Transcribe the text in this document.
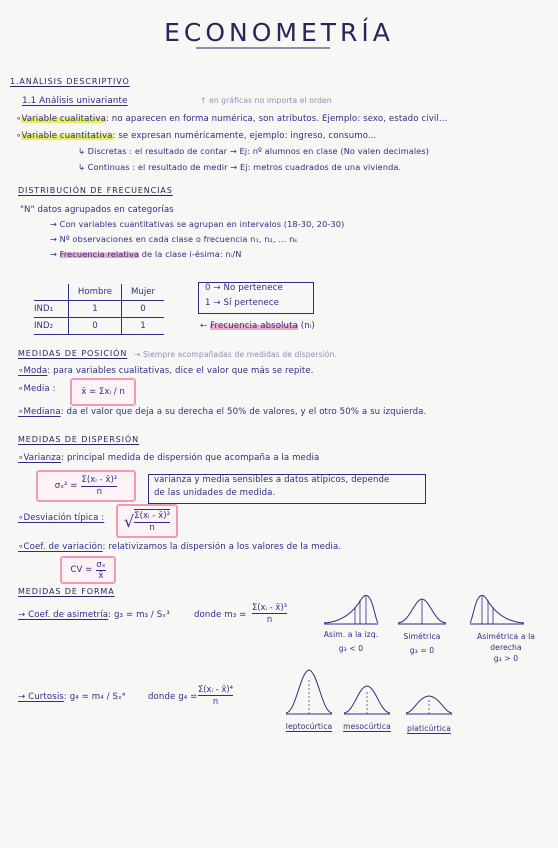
ECONOMETRÍA
1.ANÁLISIS DESCRIPTIVO
1.1 Análisis univariante	↑ en gráficas no importa el orden
∘Variable cualitativa: no aparecen en forma numérica, son atributos. Ejemplo: sexo, estado civil...
∘Variable cuantitativa: se expresan numéricamente, ejemplo: ingreso, consumo...
↳ Discretas : el resultado de contar → Ej: nº alumnos en clase (No valen decimales)
↳ Continuas : el resultado de medir → Ej: metros cuadrados de una vivienda.
DISTRIBUCIÓN DE FRECUENCIAS
"N" datos agrupados en categorías
→ Con variables cuantitativas se agrupan en intervalos (18-30, 20-30)
→ Nº observaciones en cada clase o frecuencia n₁, n₂, ... nₖ
→ Frecuencia relativa de la clase i-ésima: nᵢ/N
	Hombre	Mujer
IND₁	1	0
IND₂	0	1
0 → No pertenece
1 → Sí pertenece
← Frecuencia absoluta (nᵢ)
MEDIDAS DE POSICIÓN → Siempre acompañadas de medidas de dispersión.
∘Moda: para variables cualitativas, dice el valor que más se repite.
∘Media :	x̄ = Σxᵢ / n
∘Mediana: da el valor que deja a su derecha el 50% de valores, y el otro 50% a su izquierda.
MEDIDAS DE DISPERSIÓN
∘Varianza: principal medida de dispersión que acompaña a la media
$\sigma_x^2 = \frac{\text{Σ(xᵢ - x̄)²}}{n}$	varianza y media sensibles a datos atípicos, depende
de las unidades de medida.
∘Desviación típica : √ $\frac{\text{Σ(xᵢ - x̄)²}}{n}$
∘Coef. de variación: relativizamos la dispersión a los valores de la media.
CV = $\frac{\text{σₓ}}{x̄}$
MEDIDAS DE FORMA
→ Coef. de asimetría: g₃ = m₃ / Sₓ³	donde $m_3 = \frac{\text{Σ(xᵢ - x̄)³}}{n}$
Asim. a la izq.
g₃ < 0
Simétrica
g₃ = 0
Asimétrica a la
derecha
g₃ > 0
→ Curtosis: g₄ = m₄ / Sₓ⁴	donde $g_4 = \frac{\text{Σ(xᵢ - x̄)⁴}}{n}$
leptocúrtica	mesocúrtica	platicúrtica
